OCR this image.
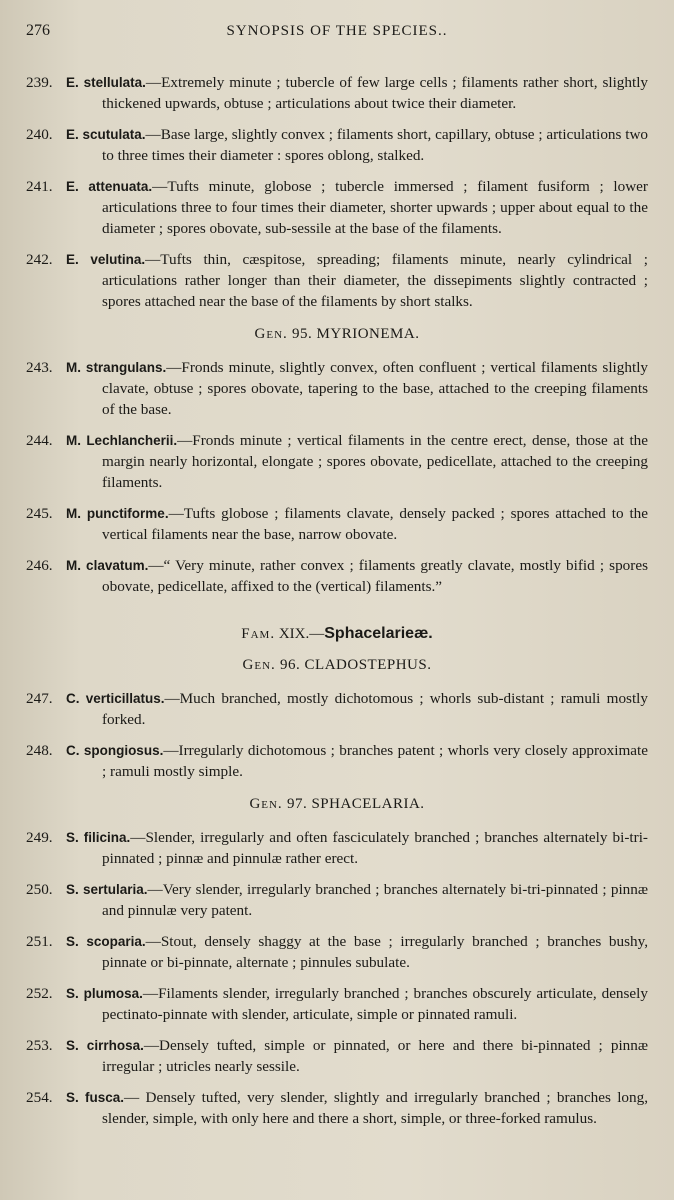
276	SYNOPSIS OF THE SPECIES..
239. E. stellulata.—Extremely minute ; tubercle of few large cells ; filaments rather short, slightly thickened upwards, obtuse ; articulations about twice their diameter.
240. E. scutulata.—Base large, slightly convex ; filaments short, capillary, obtuse ; articulations two to three times their diameter : spores oblong, stalked.
241. E. attenuata.—Tufts minute, globose ; tubercle immersed ; filament fusiform ; lower articulations three to four times their diameter, shorter upwards ; upper about equal to the diameter ; spores obovate, sub-sessile at the base of the filaments.
242. E. velutina.—Tufts thin, cæspitose, spreading; filaments minute, nearly cylindrical ; articulations rather longer than their diameter, the dissepiments slightly contracted ; spores attached near the base of the filaments by short stalks.
Gen. 95. MYRIONEMA.
243. M. strangulans.—Fronds minute, slightly convex, often confluent ; vertical filaments slightly clavate, obtuse ; spores obovate, tapering to the base, attached to the creeping filaments of the base.
244. M. Lechlancherii.—Fronds minute ; vertical filaments in the centre erect, dense, those at the margin nearly horizontal, elongate ; spores obovate, pedicellate, attached to the creeping filaments.
245. M. punctiforme.—Tufts globose ; filaments clavate, densely packed ; spores attached to the vertical filaments near the base, narrow obovate.
246. M. clavatum.—“ Very minute, rather convex ; filaments greatly clavate, mostly bifid ; spores obovate, pedicellate, affixed to the (vertical) filaments.”
Fam. XIX.—Sphacelarieæ.
Gen. 96. CLADOSTEPHUS.
247. C. verticillatus.—Much branched, mostly dichotomous ; whorls sub-distant ; ramuli mostly forked.
248. C. spongiosus.—Irregularly dichotomous ; branches patent ; whorls very closely approximate ; ramuli mostly simple.
Gen. 97. SPHACELARIA.
249. S. filicina.—Slender, irregularly and often fasciculately branched ; branches alternately bi-tri-pinnated ; pinnæ and pinnulæ rather erect.
250. S. sertularia.—Very slender, irregularly branched ; branches alternately bi-tri-pinnated ; pinnæ and pinnulæ very patent.
251. S. scoparia.—Stout, densely shaggy at the base ; irregularly branched ; branches bushy, pinnate or bi-pinnate, alternate ; pinnules subulate.
252. S. plumosa.—Filaments slender, irregularly branched ; branches obscurely articulate, densely pectinato-pinnate with slender, articulate, simple or pinnated ramuli.
253. S. cirrhosa.—Densely tufted, simple or pinnated, or here and there bi-pinnated ; pinnæ irregular ; utricles nearly sessile.
254. S. fusca.— Densely tufted, very slender, slightly and irregularly branched ; branches long, slender, simple, with only here and there a short, simple, or three-forked ramulus.
